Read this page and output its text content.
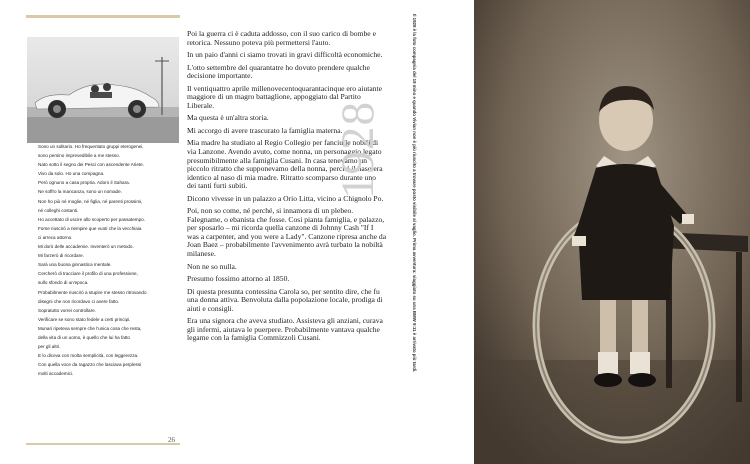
Sono un solitario. Ho frequentato gruppi eterogenei,
sono persino imprevedibile a me stesso.
Nato sotto il segno dei Pesci con ascendente Ariete.
Vivo da solo. Ho una compagna.
Però ognuno a casa propria. Adoro il Sahara.
Ne soffro la mancanza, sono un nomade.
Non ho più né moglie, né figlia, né parenti prossimi,
né colleghi costanti.
Ho accettato di uscire allo scoperto per passatempo.
Forse riuscirò a riempire que vuoti che la vecchiaia
ci arreca attorno.
Mi dorò delle accademie. Inventerò un metodo.
Mi farzerò di ricordare.
Sarà una buona ginnastica mentale.
Cercherò di tracciare il profilo di una professione,
sullo sfondo di un'epoca.
Probabilmente riuscirò a stupire me stesso ritrovando
disegni che non ricordavo ci avere fatto.
Sopratutto vorrei controllare.
Verificare se sono stato fedele a certi principi.
Munari ripeteva sempre che l'unica cosa che resta,
della vita di un uomo, è quello che lui ha fatto
per gli altri.
E lo diceva con molta semplicità, con leggerezza.
Con quella voce da ragazzo che lasciava perplessi
molti accademici.
26

Poi la guerra ci è caduta addosso, con il suo carico di bombe e retorica. Nessuno poteva più permettersi l'auto.

In un paio d'anni ci siamo trovati in gravi difficoltà economiche.

L'otto settembre del quarantatre ho dovuto prendere qualche decisione importante.

Il ventiquattro aprile millenovecentoquarantacinque ero aiutante maggiore di un magro battaglione, appoggiato dal Partito Liberale.

Ma questa è un'altra storia.

Mi accorgo di avere trascurato la famiglia materna.

Mia madre ha studiato al Regio Collegio per fanciulle nobili di via Lanzone. Avendo avuto, come nonna, un personaggio legato presumibilmente alla famiglia Cusani. In casa tenevamo un piccolo ritratto che supponevamo della nonna, perché il naso era identico al naso di mia madre. Ritratto scomparso durante uno dei tanti furti subiti.

Dicono vivesse in un palazzo a Orio Litta, vicino a Chignolo Po.

Poi, non so come, né perché, si innamora di un plebeo. Falegname, o ebanista che fosse. Cosi pianta famiglia, e palazzo, per sposarlo – mi ricorda quella canzone di Johnny Cash "If I was a carpenter, and you were a Lady". Canzone ripresa anche da Joan Baez – probabilmente l'avvenimento avrà turbato la nobiltà milanese.

Non ne so nulla.

Presumo fossimo attorno al 1850.

Di questa presunta contessina Carola so, per sentito dire, che fu una donna attiva. Benvoluta dalla popolazione locale, prodiga di aiuti e consigli.

Era una signora che aveva studiato. Assisteva gli anziani, curava gli infermi, aiutava le puerpere. Probabilmente vantava qualche legame con la famiglia Commizzoli Cusani.

1928	Il 1928 è la foto compagnia del 19 mino e quando Vivian non è più riuscito a trovare posto visibile al vaglio. Prima avventura: viaggiato su una BMW 9:11 è arrivato più tardi.
